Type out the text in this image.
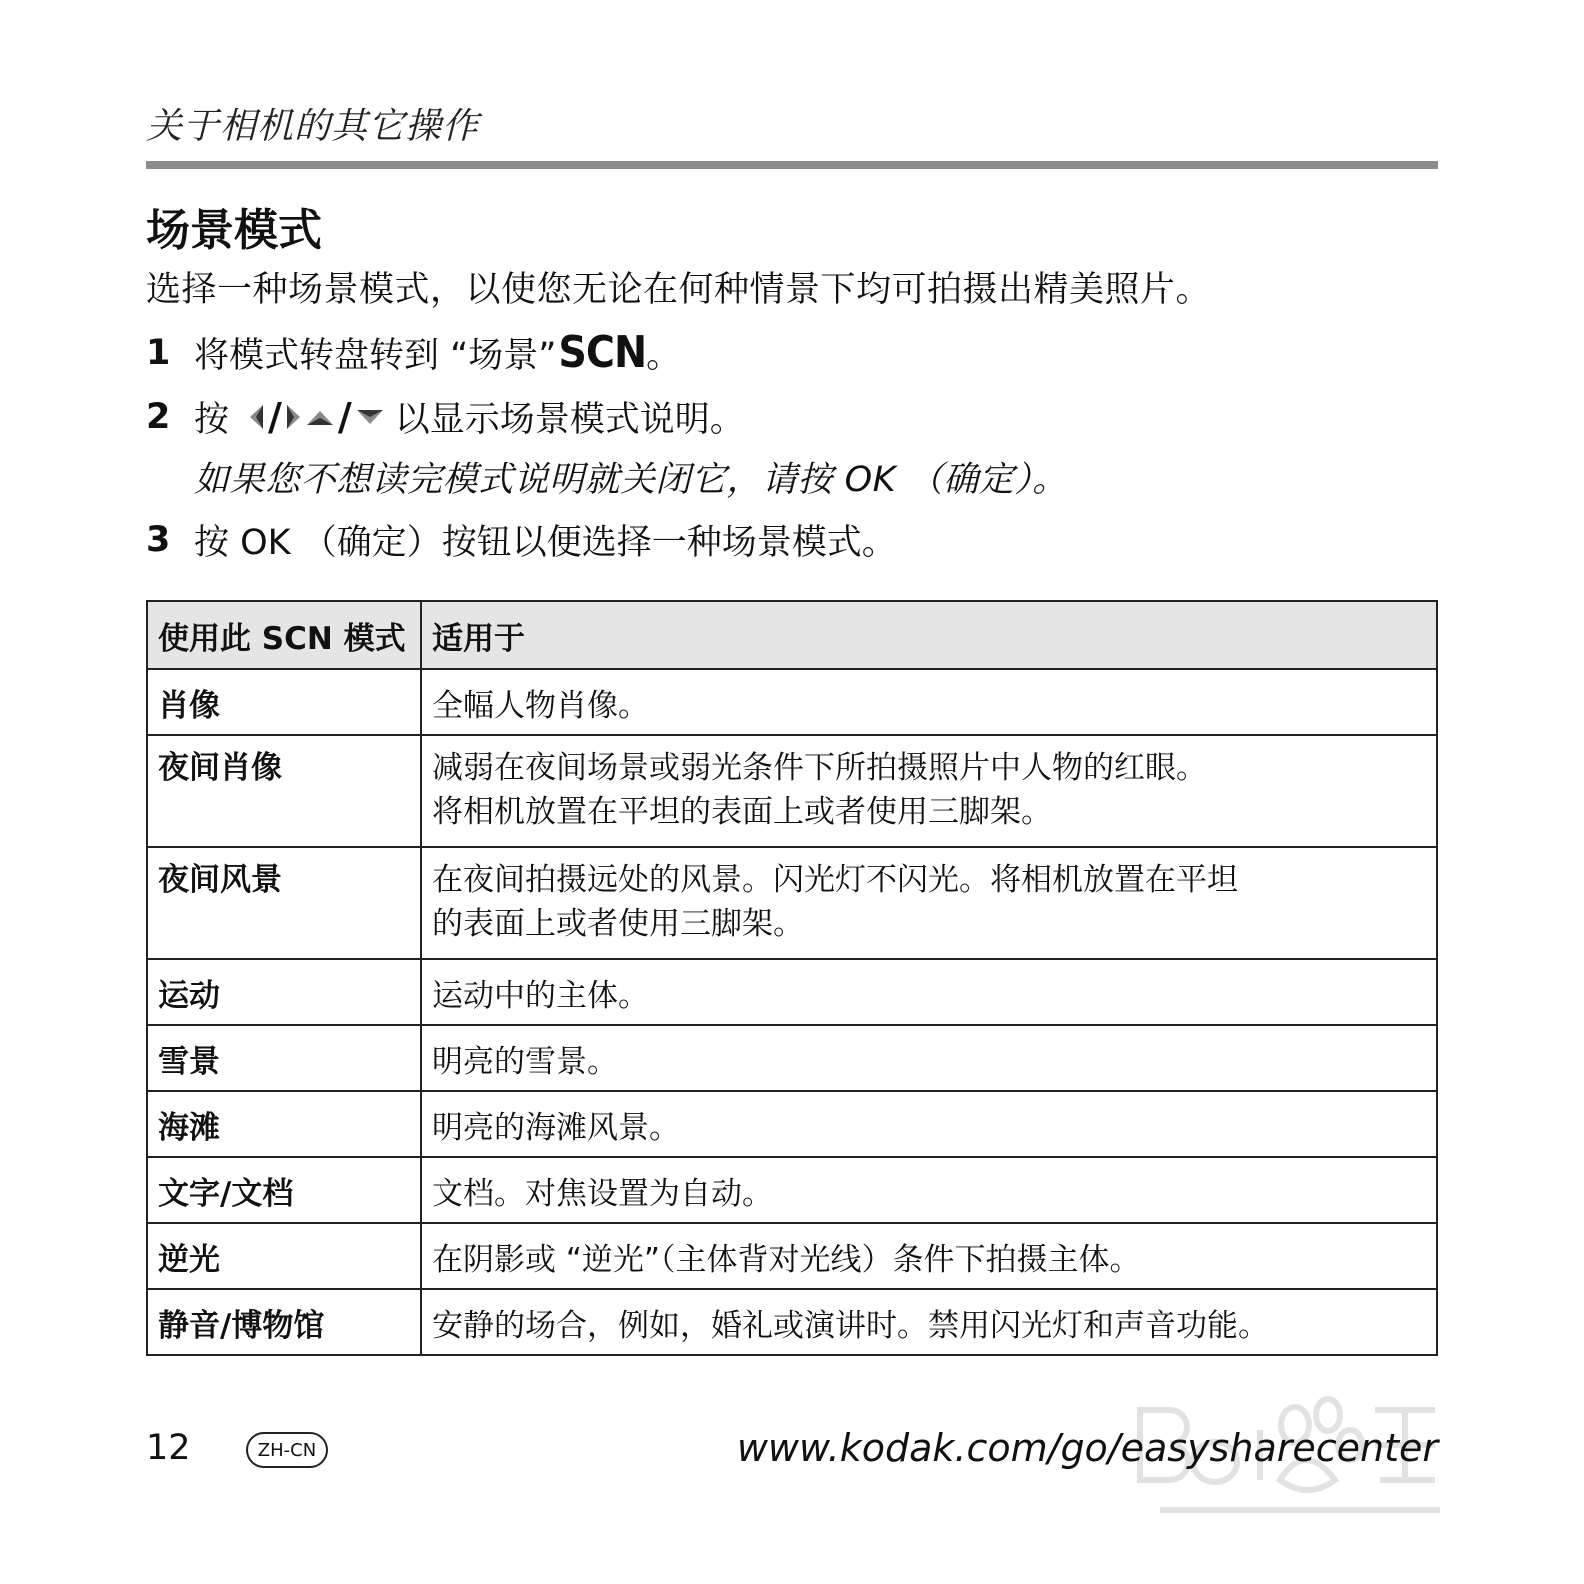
关于相机的其它操作
场景模式
选择一种场景模式，以使您无论在何种情景下均可拍摄出精美照片。
1 将模式转盘转到 “场景” SCN 。
2 按 / / 以显示场景模式说明。
如果您不想读完模式说明就关闭它，请按 OK （确定）。
3 按 OK （确定）按钮以便选择一种场景模式。
使用此 SCN 模式	适用于
肖像	全幅人物肖像。
夜间肖像	减弱在夜间场景或弱光条件下所拍摄照片中人物的红眼。
将相机放置在平坦的表面上或者使用三脚架。
夜间风景	在夜间拍摄远处的风景。闪光灯不闪光。将相机放置在平坦
的表面上或者使用三脚架。
运动	运动中的主体。
雪景	明亮的雪景。
海滩	明亮的海滩风景。
文字/文档	文档。对焦设置为自动。
逆光	在阴影或 “逆光”（主体背对光线）条件下拍摄主体。
静音/博物馆	安静的场合，例如，婚礼或演讲时。禁用闪光灯和声音功能。
12	ZH-CN	www.kodak.com/go/easysharecenter
